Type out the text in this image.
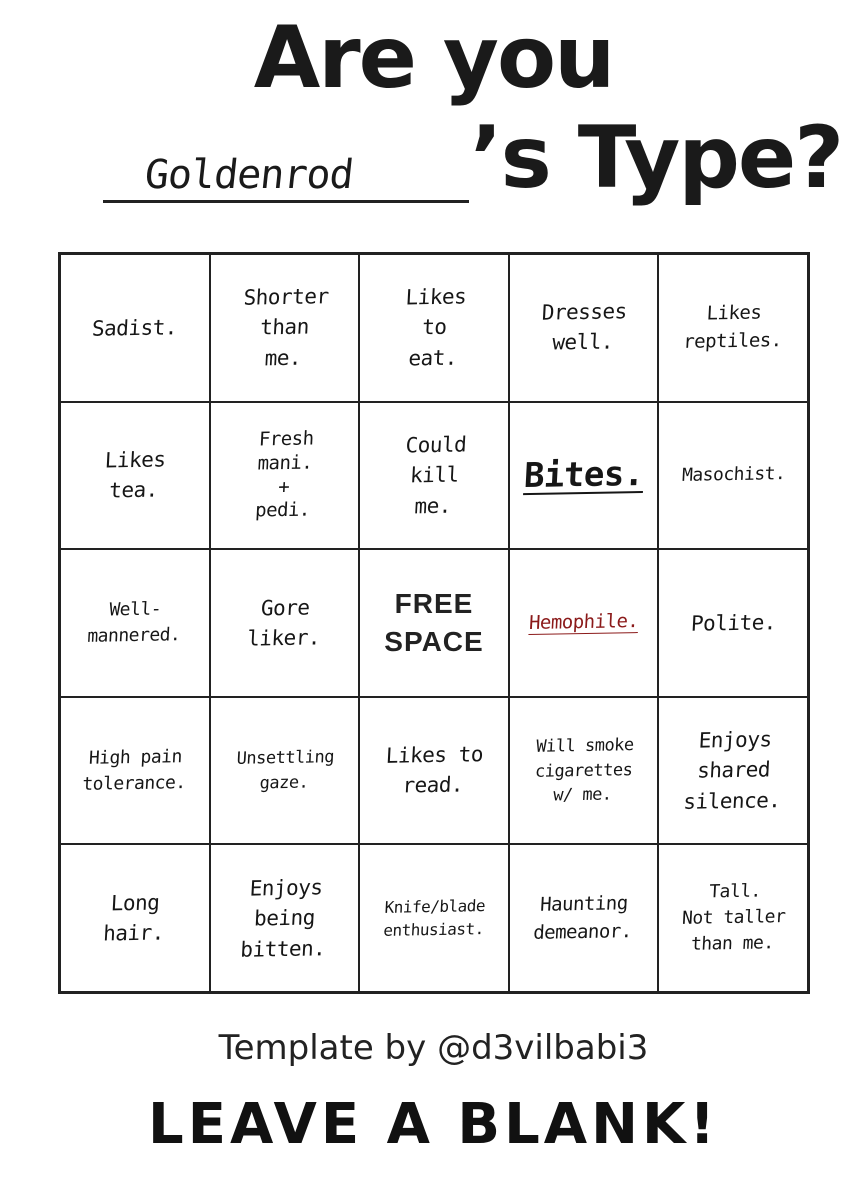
Are you
Goldenrod ’s Type?
Sadist.
Shorter
than
me.
Likes
to
eat.
Dresses
well.
Likes
reptiles.
Likes
tea.
Fresh
mani.
+
pedi.
Could
kill
me.
Bites. Masochist.
Well-
mannered.
Gore
liker.
FREE
SPACE
Hemophile. Polite.
High pain
tolerance.
Unsettling
gaze.
Likes to
read.
Will smoke
cigarettes
w/ me.
Enjoys
shared
silence.
Long
hair.
Enjoys
being
bitten.
Knife/blade
enthusiast.
Haunting
demeanor.
Tall.
Not taller
than me.
Template by @d3vilbabi3
LEAVE A BLANK!
